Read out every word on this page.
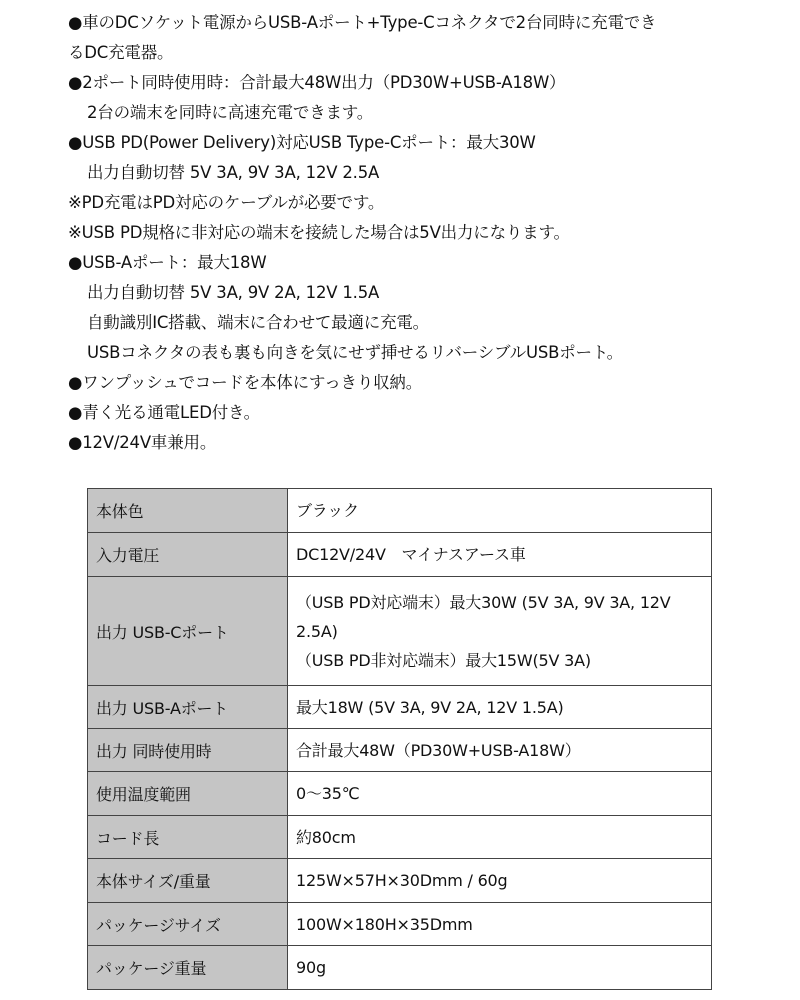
●車のDCソケット電源からUSB-Aポート+Type-Cコネクタで2台同時に充電でき
るDC充電器。
●2ポート同時使用時：合計最大48W出力（PD30W+USB-A18W）
2台の端末を同時に高速充電できます。
●USB PD(Power Delivery)対応USB Type-Cポート：最大30W
出力自動切替 5V 3A, 9V 3A, 12V 2.5A
※PD充電はPD対応のケーブルが必要です。
※USB PD規格に非対応の端末を接続した場合は5V出力になります。
●USB-Aポート：最大18W
出力自動切替 5V 3A, 9V 2A, 12V 1.5A
自動識別IC搭載、端末に合わせて最適に充電。
USBコネクタの表も裏も向きを気にせず挿せるリバーシブルUSBポート。
●ワンプッシュでコードを本体にすっきり収納。
●青く光る通電LED付き。
●12V/24V車兼用。
本体色	ブラック

入力電圧	DC12V/24V　マイナスアース車

出力 USB-Cポート	（USB PD対応端末）最大30W (5V 3A, 9V 3A, 12V
2.5A)
（USB PD非対応端末）最大15W(5V 3A)

出力 USB-Aポート	最大18W (5V 3A, 9V 2A, 12V 1.5A)

出力 同時使用時	合計最大48W（PD30W+USB-A18W）

使用温度範囲	0〜35℃

コード長	約80cm

本体サイズ/重量	125W×57H×30Dmm / 60g

パッケージサイズ	100W×180H×35Dmm

パッケージ重量	90g
